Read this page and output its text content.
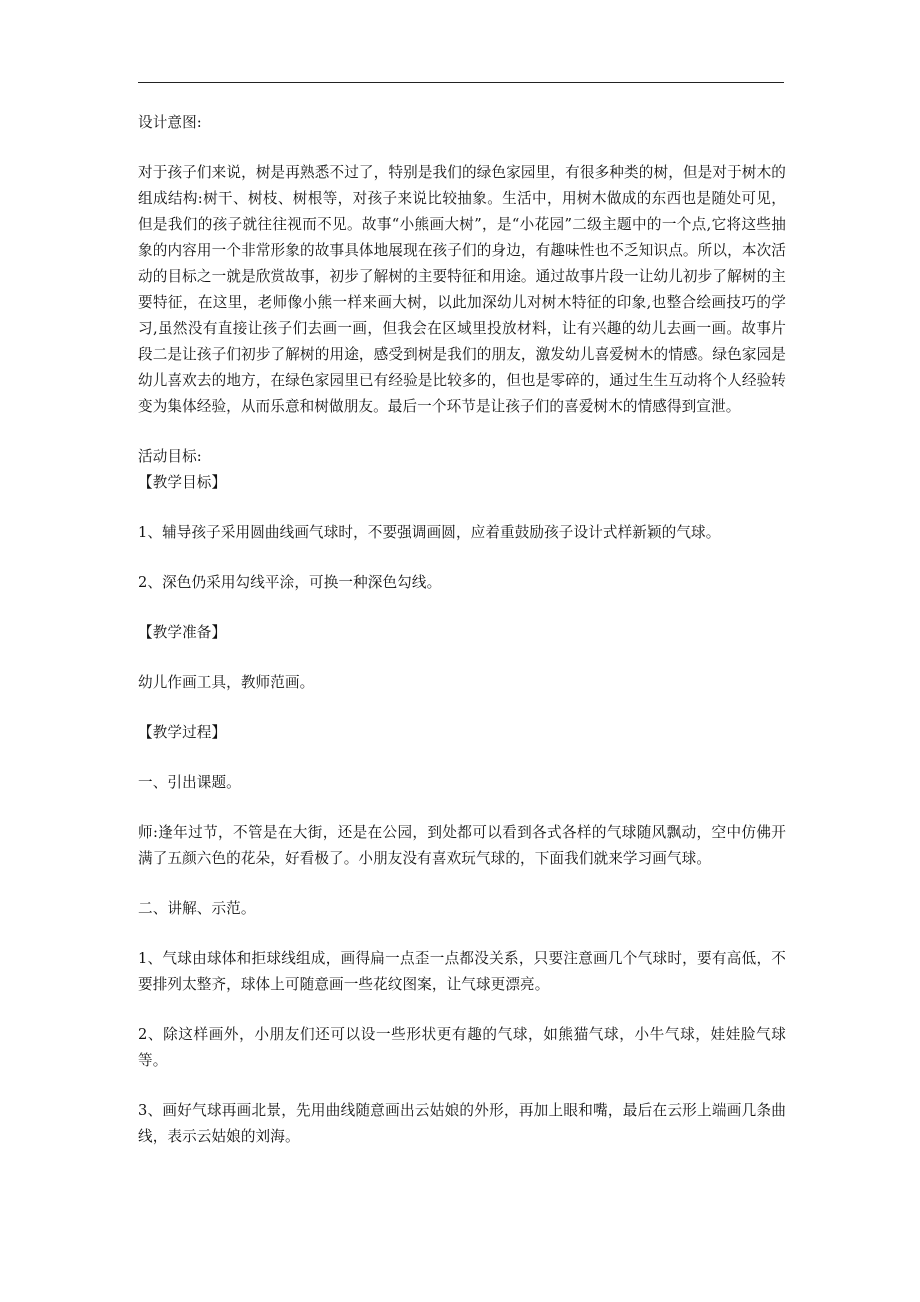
设计意图:

对于孩子们来说，树是再熟悉不过了，特别是我们的绿色家园里，有很多种类的树，但是对于树木的组成结构:树干、树枝、树根等，对孩子来说比较抽象。生活中，用树木做成的东西也是随处可见，但是我们的孩子就往往视而不见。故事“小熊画大树”，是“小花园”二级主题中的一个点,它将这些抽象的内容用一个非常形象的故事具体地展现在孩子们的身边，有趣味性也不乏知识点。所以，本次活动的目标之一就是欣赏故事，初步了解树的主要特征和用途。通过故事片段一让幼儿初步了解树的主要特征，在这里，老师像小熊一样来画大树，以此加深幼儿对树木特征的印象,也整合绘画技巧的学习,虽然没有直接让孩子们去画一画，但我会在区域里投放材料，让有兴趣的幼儿去画一画。故事片段二是让孩子们初步了解树的用途，感受到树是我们的朋友，激发幼儿喜爱树木的情感。绿色家园是幼儿喜欢去的地方，在绿色家园里已有经验是比较多的，但也是零碎的，通过生生互动将个人经验转变为集体经验，从而乐意和树做朋友。最后一个环节是让孩子们的喜爱树木的情感得到宣泄。

活动目标:

【教学目标】

1、辅导孩子采用圆曲线画气球时，不要强调画圆，应着重鼓励孩子设计式样新颖的气球。

2、深色仍采用勾线平涂，可换一种深色勾线。

【教学准备】

幼儿作画工具，教师范画。

【教学过程】

一、引出课题。

师:逢年过节，不管是在大街，还是在公园，到处都可以看到各式各样的气球随风飘动，空中仿佛开满了五颜六色的花朵，好看极了。小朋友没有喜欢玩气球的，下面我们就来学习画气球。

二、讲解、示范。

1、气球由球体和拒球线组成，画得扁一点歪一点都没关系，只要注意画几个气球时，要有高低，不要排列太整齐，球体上可随意画一些花纹图案，让气球更漂亮。

2、除这样画外，小朋友们还可以设一些形状更有趣的气球，如熊猫气球，小牛气球，娃娃脸气球等。

3、画好气球再画北景，先用曲线随意画出云姑娘的外形，再加上眼和嘴，最后在云形上端画几条曲线，表示云姑娘的刘海。
